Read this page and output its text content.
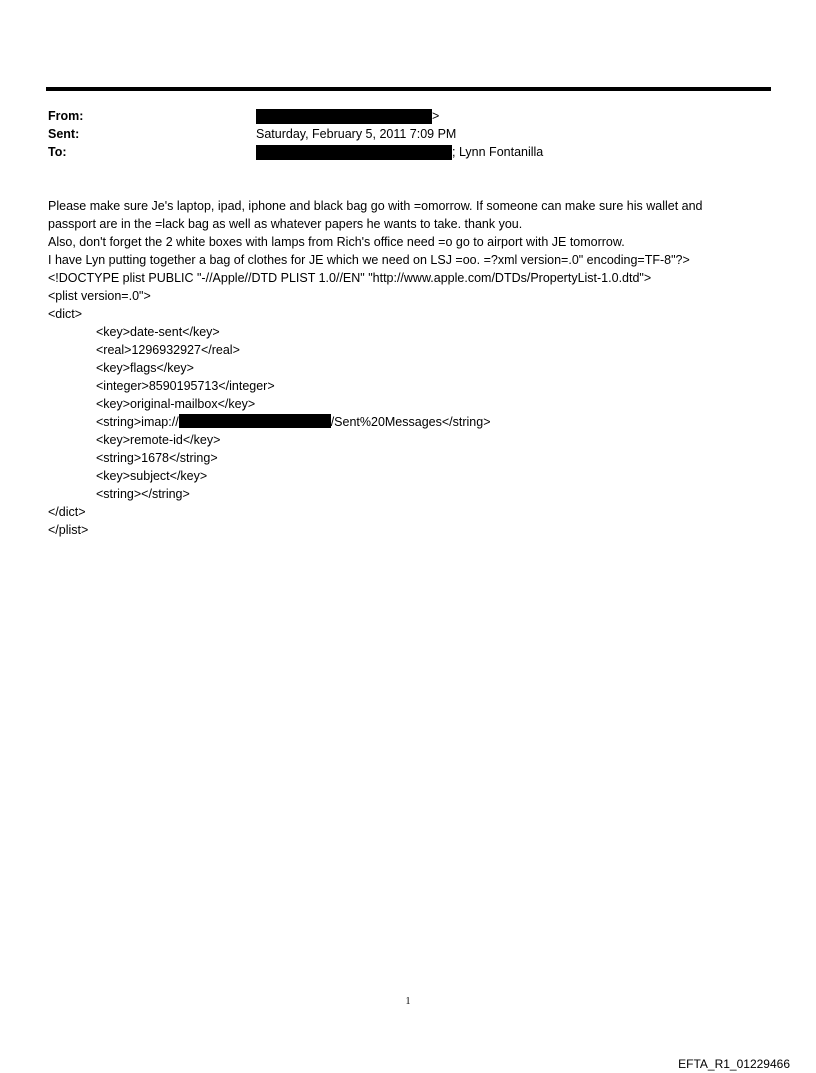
From:	>
Sent:	Saturday, February 5, 2011 7:09 PM
To:	; Lynn Fontanilla
Please make sure Je's laptop, ipad, iphone and black bag go with =omorrow. If someone can make sure his wallet and
passport are in the =lack bag as well as whatever papers he wants to take. thank you.
Also, don't forget the 2 white boxes with lamps from Rich's office need =o go to airport with JE tomorrow.
I have Lyn putting together a bag of clothes for JE which we need on LSJ =oo. =?xml version=.0" encoding=TF-8"?>
<!DOCTYPE plist PUBLIC "-//Apple//DTD PLIST 1.0//EN" "http://www.apple.com/DTDs/PropertyList-1.0.dtd">
<plist version=.0">
<dict>
<key>date-sent</key>
<real>1296932927</real>
<key>flags</key>
<integer>8590195713</integer>
<key>original-mailbox</key>
<string>imap://	/Sent%20Messages</string>
<key>remote-id</key>
<string>1678</string>
<key>subject</key>
<string></string>
</dict>
</plist>
1
EFTA_R1_01229466
